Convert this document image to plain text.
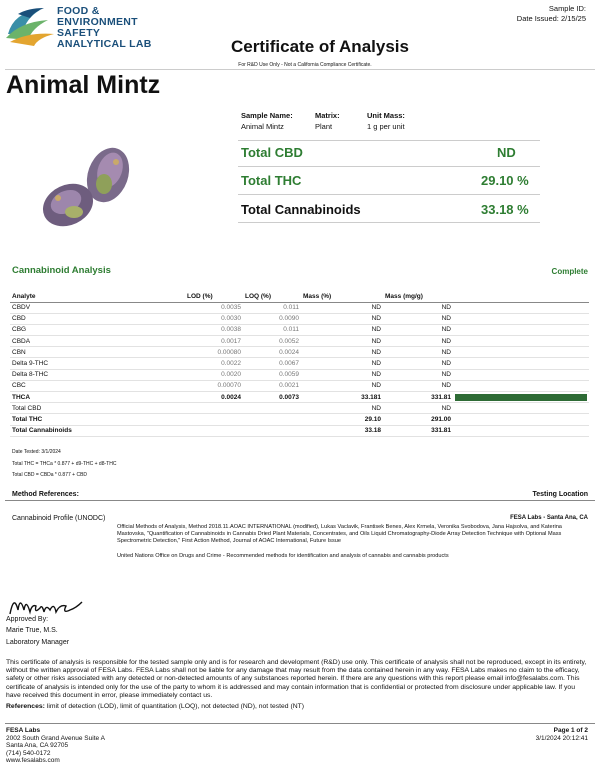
FOOD &
ENVIRONMENT
SAFETY
ANALYTICAL LAB
Sample ID:
Date Issued: 2/15/25
Certificate of Analysis
For R&D Use Only - Not a California Compliance Certificate.
Animal Mintz
Sample Name:
Animal Mintz
Matrix:
Plant
Unit Mass:
1 g per unit
Total CBD	ND
Total THC	29.10 %
Total Cannabinoids	33.18 %
Cannabinoid Analysis	Complete
Analyte		LOD (%)	LOQ (%)	Mass (%)	Mass (mg/g)	
CBDV		0.0035	0.011	ND	ND	
CBD		0.0030	0.0090	ND	ND	
CBG		0.0038	0.011	ND	ND	
CBDA		0.0017	0.0052	ND	ND	
CBN		0.00080	0.0024	ND	ND	
Delta 9-THC		0.0022	0.0067	ND	ND	
Delta 8-THC		0.0020	0.0059	ND	ND	
CBC		0.00070	0.0021	ND	ND	
THCA		0.0024	0.0073	33.181	331.81	

Total CBD				ND	ND	
Total THC				29.10	291.00	
Total Cannabinoids				33.18	331.81	
Date Tested: 3/1/2024
Total THC = THCa * 0.877 + d9-THC + d8-THC
Total CBD = CBDa * 0.877 + CBD
Method References:	Testing Location
Cannabinoid Profile (UNODC)	FESA Labs - Santa Ana, CA
Official Methods of Analysis, Method 2018.11.AOAC INTERNATIONAL (modified), Lukas Vaclavik, Frantisek Benes, Alex Krmela, Veronika Svobodova, Jana Hajsolva, and Katerina Mastovska, "Quantification of Cannabinoids in Cannabis Dried Plant Materials, Concentrates, and Oils Liquid Chromatography-Diode Array Detection Technique with Optional Mass Spectrometric Detection," First Action Method, Journal of AOAC International, Future Issue
United Nations Office on Drugs and Crime - Recommended methods for identification and analysis of cannabis and cannabis products
Approved By:
Marie True, M.S.
Laboratory Manager
This certificate of analysis is responsible for the tested sample only and is for research and development (R&D) use only. This certificate of analysis shall not be reproduced, except in its entirety, without the written approval of FESA Labs. FESA Labs shall not be liable for any damage that may result from the data contained herein in any way. FESA Labs makes no claim to the efficacy, safety or other risks associated with any detected or non-detected amounts of any substances reported herein. If there are any questions with this report please email info@fesalabs.com. This certificate of analysis is intended only for the use of the party to whom it is addressed and may contain information that is confidential or protected from disclosure under applicable law. If you have received this document in error, please immediately contact us.
References: limit of detection (LOD), limit of quantitation (LOQ), not detected (ND), not tested (NT)
FESA Labs
2002 South Grand Avenue Suite A
Santa Ana, CA 92705
(714) 540-0172
www.fesalabs.com
Page 1 of 2
3/1/2024 20:12:41
